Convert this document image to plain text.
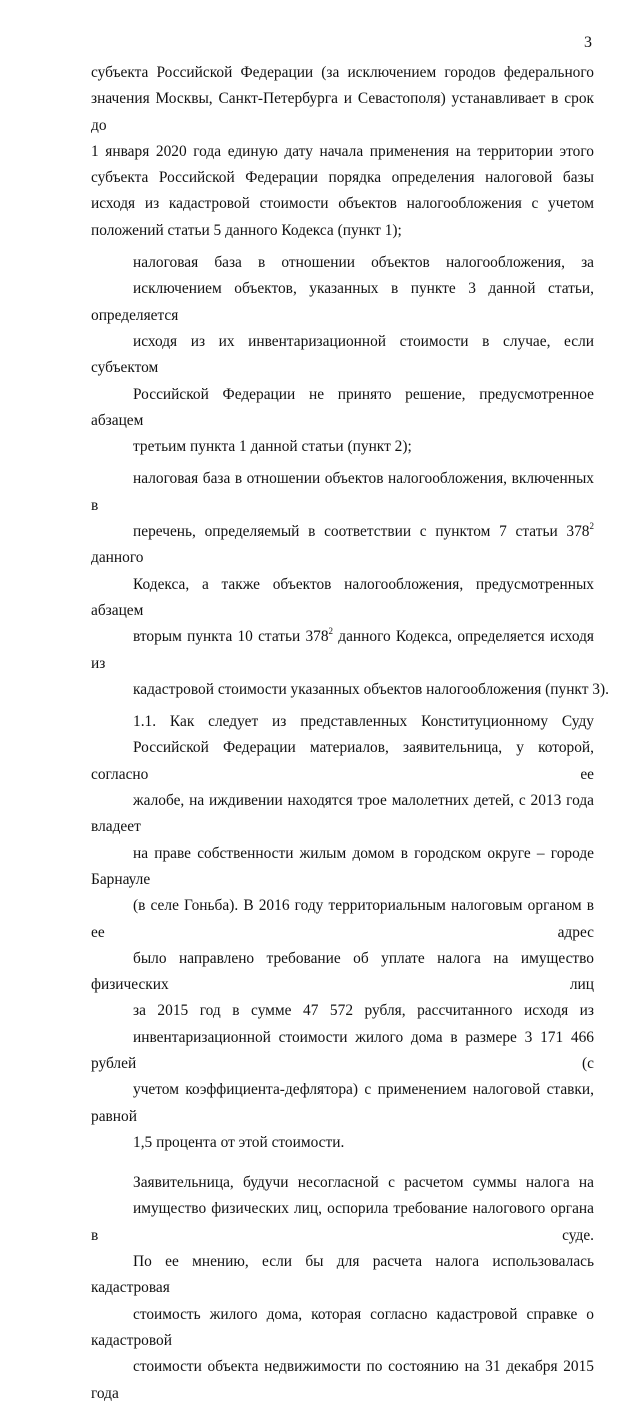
3

субъекта Российской Федерации (за исключением городов федерального
значения Москвы, Санкт-Петербурга и Севастополя) устанавливает в срок до
1 января 2020 года единую дату начала применения на территории этого
субъекта Российской Федерации порядка определения налоговой базы
исходя из кадастровой стоимости объектов налогообложения с учетом
положений статьи 5 данного Кодекса (пункт 1);

налоговая база в отношении объектов налогообложения, за
исключением объектов, указанных в пункте 3 данной статьи, определяется
исходя из их инвентаризационной стоимости в случае, если субъектом
Российской Федерации не принято решение, предусмотренное абзацем
третьим пункта 1 данной статьи (пункт 2);

налоговая база в отношении объектов налогообложения, включенных в
перечень, определяемый в соответствии с пунктом 7 статьи $378^2$ данного
Кодекса, а также объектов налогообложения, предусмотренных абзацем
вторым пункта 10 статьи $378^2$ данного Кодекса, определяется исходя из
кадастровой стоимости указанных объектов налогообложения (пункт 3).

1.1. Как следует из представленных Конституционному Суду
Российской Федерации материалов, заявительница, у которой, согласно ее
жалобе, на иждивении находятся трое малолетних детей, с 2013 года владеет
на праве собственности жилым домом в городском округе – городе Барнауле
(в селе Гоньба). В 2016 году территориальным налоговым органом в ее адрес
было направлено требование об уплате налога на имущество физических лиц
за 2015 год в сумме 47 572 рубля, рассчитанного исходя из
инвентаризационной стоимости жилого дома в размере 3 171 466 рублей (с
учетом коэффициента-дефлятора) с применением налоговой ставки, равной
1,5 процента от этой стоимости.

Заявительница, будучи несогласной с расчетом суммы налога на
имущество физических лиц, оспорила требование налогового органа в суде.
По ее мнению, если бы для расчета налога использовалась кадастровая
стоимость жилого дома, которая согласно кадастровой справке о кадастровой
стоимости объекта недвижимости по состоянию на 31 декабря 2015 года
